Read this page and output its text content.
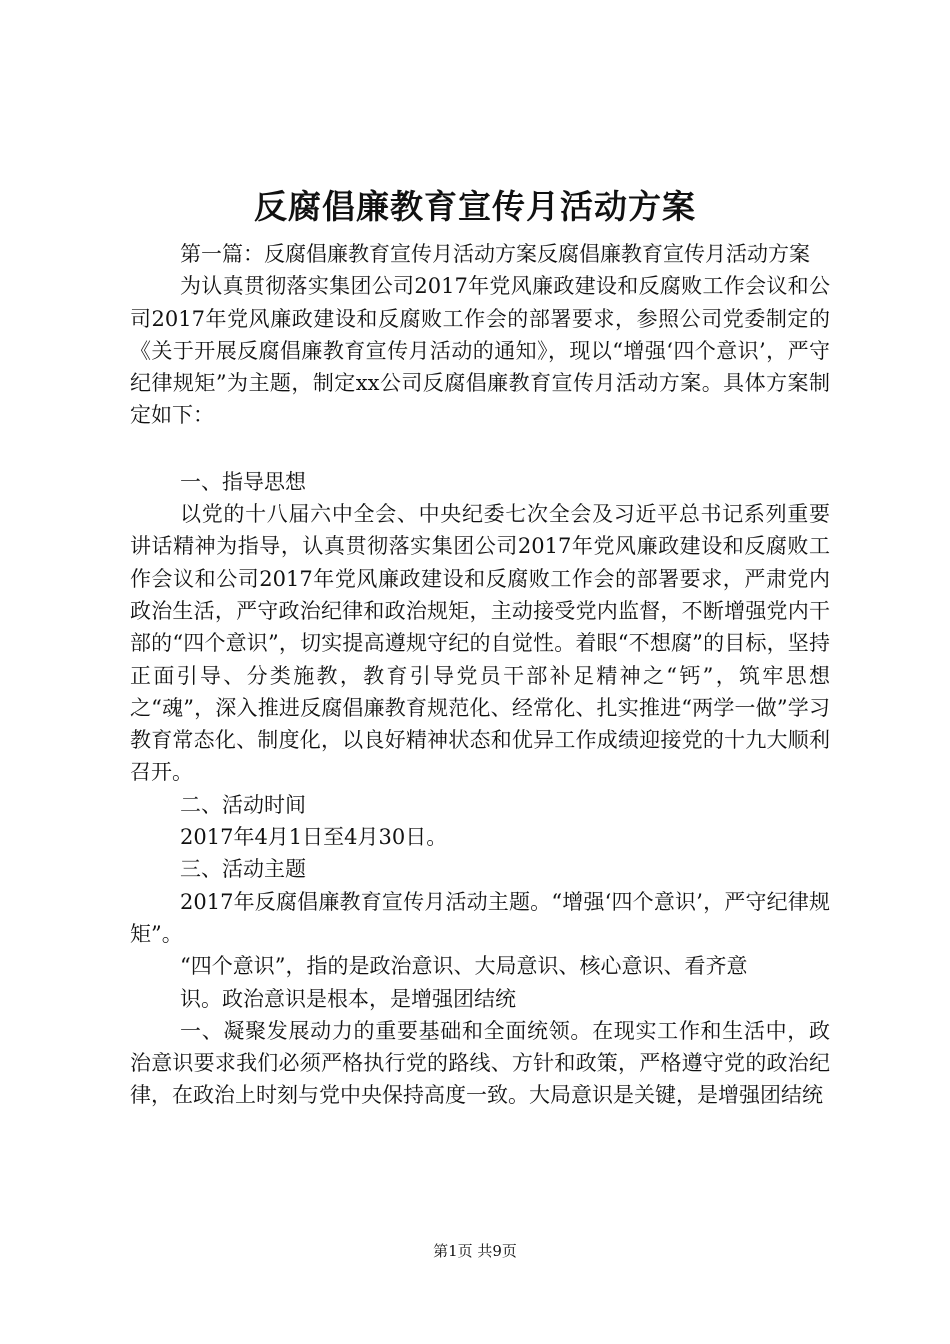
反腐倡廉教育宣传月活动方案

第一篇：反腐倡廉教育宣传月活动方案反腐倡廉教育宣传月活动方案

为认真贯彻落实集团公司2017年党风廉政建设和反腐败工作会议和公司2017年党风廉政建设和反腐败工作会的部署要求，参照公司党委制定的《关于开展反腐倡廉教育宣传月活动的通知》，现以“增强‘四个意识’，严守纪律规矩”为主题，制定xx公司反腐倡廉教育宣传月活动方案。具体方案制定如下：

一、指导思想

以党的十八届六中全会、中央纪委七次全会及习近平总书记系列重要讲话精神为指导，认真贯彻落实集团公司2017年党风廉政建设和反腐败工作会议和公司2017年党风廉政建设和反腐败工作会的部署要求，严肃党内政治生活，严守政治纪律和政治规矩，主动接受党内监督，不断增强党内干部的“四个意识”，切实提高遵规守纪的自觉性。着眼“不想腐”的目标，坚持正面引导、分类施教，教育引导党员干部补足精神之“钙”，筑牢思想之“魂”，深入推进反腐倡廉教育规范化、经常化、扎实推进“两学一做”学习教育常态化、制度化，以良好精神状态和优异工作成绩迎接党的十九大顺利召开。

二、活动时间

2017年4月1日至4月30日。

三、活动主题

2017年反腐倡廉教育宣传月活动主题。“增强‘四个意识’，严守纪律规矩”。

“四个意识”，指的是政治意识、大局意识、核心意识、看齐意

识。政治意识是根本，是增强团结统

一、凝聚发展动力的重要基础和全面统领。在现实工作和生活中，政治意识要求我们必须严格执行党的路线、方针和政策，严格遵守党的政治纪律，在政治上时刻与党中央保持高度一致。大局意识是关键，是增强团结统

第1页 共9页
